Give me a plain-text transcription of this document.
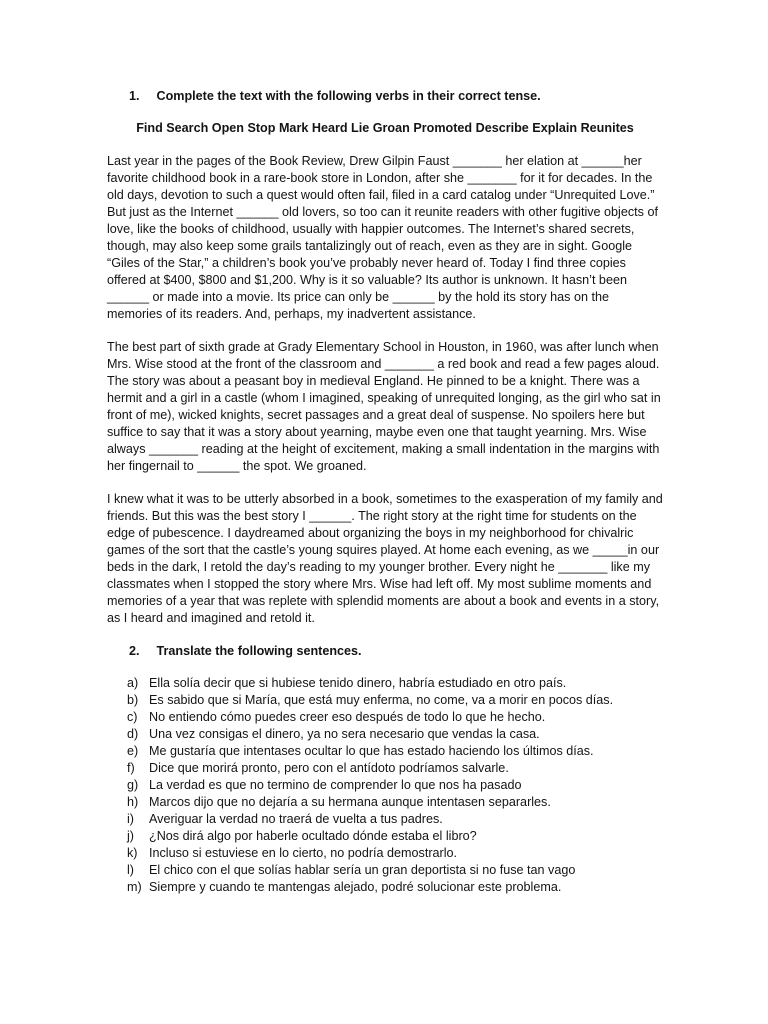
1. Complete the text with the following verbs in their correct tense.
Find Search Open Stop Mark Heard Lie Groan Promoted Describe Explain Reunites

Last year in the pages of the Book Review, Drew Gilpin Faust _______ her elation at ______her favorite childhood book in a rare-book store in London, after she _______ for it for decades. In the old days, devotion to such a quest would often fail, filed in a card catalog under “Unrequited Love.” But just as the Internet ______ old lovers, so too can it reunite readers with other fugitive objects of love, like the books of childhood, usually with happier outcomes. The Internet’s shared secrets, though, may also keep some grails tantalizingly out of reach, even as they are in sight. Google “Giles of the Star,” a children’s book you’ve probably never heard of. Today I find three copies offered at $400, $800 and $1,200. Why is it so valuable? Its author is unknown. It hasn’t been ______ or made into a movie. Its price can only be ______ by the hold its story has on the memories of its readers. And, perhaps, my inadvertent assistance.

The best part of sixth grade at Grady Elementary School in Houston, in 1960, was after lunch when Mrs. Wise stood at the front of the classroom and _______ a red book and read a few pages aloud. The story was about a peasant boy in medieval England. He pinned to be a knight. There was a hermit and a girl in a castle (whom I imagined, speaking of unrequited longing, as the girl who sat in front of me), wicked knights, secret passages and a great deal of suspense. No spoilers here but suffice to say that it was a story about yearning, maybe even one that taught yearning. Mrs. Wise always _______ reading at the height of excitement, making a small indentation in the margins with her fingernail to ______ the spot. We groaned.

I knew what it was to be utterly absorbed in a book, sometimes to the exasperation of my family and friends. But this was the best story I ______. The right story at the right time for students on the edge of pubescence. I daydreamed about organizing the boys in my neighborhood for chivalric games of the sort that the castle’s young squires played. At home each evening, as we _____in our beds in the dark, I retold the day’s reading to my younger brother. Every night he _______ like my classmates when I stopped the story where Mrs. Wise had left off. My most sublime moments and memories of a year that was replete with splendid moments are about a book and events in a story, as I heard and imagined and retold it.

2. Translate the following sentences.
a) Ella solía decir que si hubiese tenido dinero, habría estudiado en otro país.
b) Es sabido que si María, que está muy enferma, no come, va a morir en pocos días.
c) No entiendo cómo puedes creer eso después de todo lo que he hecho.
d) Una vez consigas el dinero, ya no sera necesario que vendas la casa.
e) Me gustaría que intentases ocultar lo que has estado haciendo los últimos días.
f)	Dice que morirá pronto, pero con el antídoto podríamos salvarle.
g) La verdad es que no termino de comprender lo que nos ha pasado
h) Marcos dijo que no dejaría a su hermana aunque intentasen separarles.
i)	Averiguar la verdad no traerá de vuelta a tus padres.
j)	¿Nos dirá algo por haberle ocultado dónde estaba el libro?
k) Incluso si estuviese en lo cierto, no podría demostrarlo.
l)	El chico con el que solías hablar sería un gran deportista si no fuse tan vago
m) Siempre y cuando te mantengas alejado, podré solucionar este problema.
